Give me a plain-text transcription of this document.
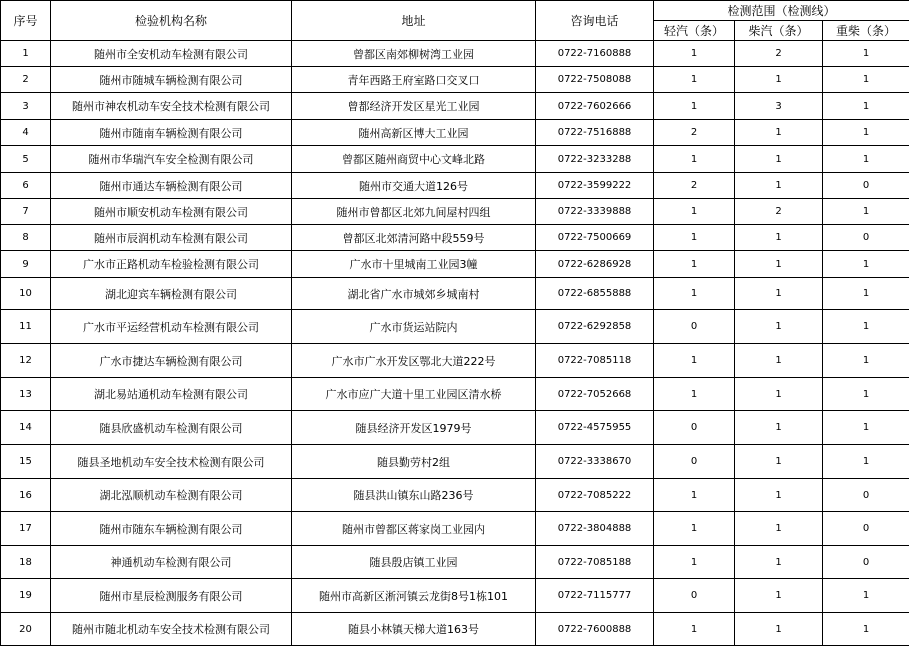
序号	检验机构名称	地址	咨询电话	检测范围（检测线）		
				轻汽（条）	柴汽（条）	重柴（条）
1	随州市全安机动车检测有限公司	曾都区南郊柳树湾工业园	0722-7160888	1	2	1
2	随州市随城车辆检测有限公司	青年西路王府室路口交叉口	0722-7508088	1	1	1
3	随州市神农机动车安全技术检测有限公司	曾都经济开发区星光工业园	0722-7602666	1	3	1
4	随州市随南车辆检测有限公司	随州高新区博大工业园	0722-7516888	2	1	1
5	随州市华瑞汽车安全检测有限公司	曾都区随州商贸中心文峰北路	0722-3233288	1	1	1
6	随州市通达车辆检测有限公司	随州市交通大道126号	0722-3599222	2	1	0
7	随州市顺安机动车检测有限公司	随州市曾都区北郊九间屋村四组	0722-3339888	1	2	1
8	随州市辰润机动车检测有限公司	曾都区北郊清河路中段559号	0722-7500669	1	1	0
9	广水市正路机动车检验检测有限公司	广水市十里城南工业园3幢	0722-6286928	1	1	1
10	湖北迎宾车辆检测有限公司	湖北省广水市城郊乡城南村	0722-6855888	1	1	1
11	广水市平运经营机动车检测有限公司	广水市货运站院内	0722-6292858	0	1	1
12	广水市捷达车辆检测有限公司	广水市广水开发区鄂北大道222号	0722-7085118	1	1	1
13	湖北易站通机动车检测有限公司	广水市应广大道十里工业园区清水桥	0722-7052668	1	1	1
14	随县欣盛机动车检测有限公司	随县经济开发区1979号	0722-4575955	0	1	1
15	随县圣地机动车安全技术检测有限公司	随县勤劳村2组	0722-3338670	0	1	1
16	湖北泓顺机动车检测有限公司	随县洪山镇东山路236号	0722-7085222	1	1	0
17	随州市随东车辆检测有限公司	随州市曾都区蒋家岗工业园内	0722-3804888	1	1	0
18	神通机动车检测有限公司	随县殷店镇工业园	0722-7085188	1	1	0
19	随州市星辰检测服务有限公司	随州市高新区淅河镇云龙街8号1栋101	0722-7115777	0	1	1
20	随州市随北机动车安全技术检测有限公司	随县小林镇天梯大道163号	0722-7600888	1	1	1
